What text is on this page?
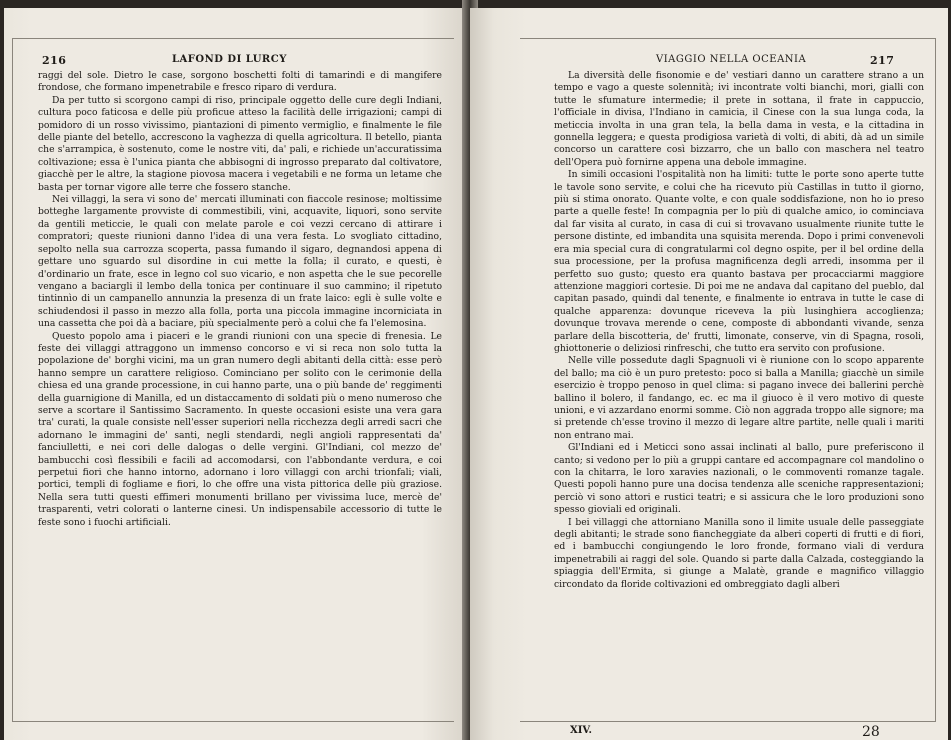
216	LAFOND DI LURCY

raggi del sole. Dietro le case, sorgono boschetti folti di tamarindi e di mangifere frondose, che formano impenetrabile e fresco riparo di verdura.

Da per tutto si scorgono campi di riso, principale oggetto delle cure degli Indiani, cultura poco faticosa e delle più proficue atteso la facilità delle irrigazioni; campi di pomidoro di un rosso vivissimo, piantazioni di pimento vermiglio, e finalmente le file delle piante del betello, accrescono la vaghezza di quella agricoltura. Il betello, pianta che s'arrampica, è sostenuto, come le nostre viti, da' pali, e richiede un'accuratissima coltivazione; essa è l'unica pianta che abbisogni di ingrosso preparato dal coltivatore, giacchè per le altre, la stagione piovosa macera i vegetabili e ne forma un letame che basta per tornar vigore alle terre che fossero stanche.

Nei villaggi, la sera vi sono de' mercati illuminati con fiaccole resinose; moltissime botteghe largamente provviste di commestibili, vini, acquavite, liquori, sono servite da gentili meticcie, le quali con melate parole e coi vezzi cercano di attirare i compratori; queste riunioni danno l'idea di una vera festa. Lo svogliato cittadino, sepolto nella sua carrozza scoperta, passa fumando il sigaro, degnandosi appena di gettare uno sguardo sul disordine in cui mette la folla; il curato, e questi, è d'ordinario un frate, esce in legno col suo vicario, e non aspetta che le sue pecorelle vengano a baciargli il lembo della tonica per continuare il suo cammino; il ripetuto tintinnìo di un campanello annunzia la presenza di un frate laico: egli è sulle volte e schiudendosi il passo in mezzo alla folla, porta una piccola immagine incorniciata in una cassetta che poi dà a baciare, più specialmente però a colui che fa l'elemosina.

Questo popolo ama i piaceri e le grandi riunioni con una specie di frenesia. Le feste dei villaggi attraggono un immenso concorso e vi si reca non solo tutta la popolazione de' borghi vicini, ma un gran numero degli abitanti della città: esse però hanno sempre un carattere religioso. Cominciano per solito con le cerimonie della chiesa ed una grande processione, in cui hanno parte, una o più bande de' reggimenti della guarnigione di Manilla, ed un distaccamento di soldati più o meno numeroso che serve a scortare il Santissimo Sacramento. In queste occasioni esiste una vera gara tra' curati, la quale consiste nell'esser superiori nella ricchezza degli arredi sacri che adornano le immagini de' santi, negli stendardi, negli angioli rappresentati da' fanciulletti, e nei cori delle dalogas o delle vergini. Gl'Indiani, col mezzo de' bambucchi così flessibili e facili ad accomodarsi, con l'abbondante verdura, e coi perpetui fiori che hanno intorno, adornano i loro villaggi con archi trionfali; viali, portici, templi di fogliame e fiori, lo che offre una vista pittorica delle più graziose. Nella sera tutti questi effimeri monumenti brillano per vivissima luce, mercè de' trasparenti, vetri colorati o lanterne cinesi. Un indispensabile accessorio di tutte le feste sono i fuochi artificiali.

VIAGGIO NELLA OCEANIA	217

La diversità delle fisonomie e de' vestiari danno un carattere strano a un tempo e vago a queste solennità; ivi incontrate volti bianchi, mori, gialli con tutte le sfumature intermedie; il prete in sottana, il frate in cappuccio, l'officiale in divisa, l'Indiano in camicia, il Cinese con la sua lunga coda, la meticcia involta in una gran tela, la bella dama in vesta, e la cittadina in gonnella leggera; e questa prodigiosa varietà di volti, di abiti, dà ad un simile concorso un carattere così bizzarro, che un ballo con maschera nel teatro dell'Opera può fornirne appena una debole immagine.

In simili occasioni l'ospitalità non ha limiti: tutte le porte sono aperte tutte le tavole sono servite, e colui che ha ricevuto più Castillas in tutto il giorno, più si stima onorato. Quante volte, e con quale soddisfazione, non ho io preso parte a quelle feste! In compagnia per lo più di qualche amico, io cominciava dal far visita al curato, in casa di cui si trovavano usualmente riunite tutte le persone distinte, ed imbandita una squisita merenda. Dopo i primi convenevoli era mia special cura di congratularmi col degno ospite, per il bel ordine della sua processione, per la profusa magnificenza degli arredi, insomma per il perfetto suo gusto; questo era quanto bastava per procacciarmi maggiore attenzione maggiori cortesie. Di poi me ne andava dal capitano del pueblo, dal capitan pasado, quindi dal tenente, e finalmente io entrava in tutte le case di qualche apparenza: dovunque riceveva la più lusinghiera accoglienza; dovunque trovava merende o cene, composte di abbondanti vivande, senza parlare della biscotteria, de' frutti, limonate, conserve, vin di Spagna, rosoli, ghiottonerie o deliziosi rinfreschi, che tutto era servito con profusione.

Nelle ville possedute dagli Spagnuoli vi è riunione con lo scopo apparente del ballo; ma ciò è un puro pretesto: poco si balla a Manilla; giacchè un simile esercizio è troppo penoso in quel clima: si pagano invece dei ballerini perchè ballino il bolero, il fandango, ec. ec ma il giuoco è il vero motivo di queste unioni, e vi azzardano enormi somme. Ciò non aggrada troppo alle signore; ma si pretende ch'esse trovino il mezzo di legare altre partite, nelle quali i mariti non entrano mai.

Gl'Indiani ed i Meticci sono assai inclinati al ballo, pure preferiscono il canto; si vedono per lo più a gruppi cantare ed accompagnare col mandolino o con la chitarra, le loro xaravies nazionali, o le commoventi romanze tagale. Questi popoli hanno pure una docisa tendenza alle sceniche rappresentazioni; perciò vi sono attori e rustici teatri; e si assicura che le loro produzioni sono spesso gioviali ed originali.

I bei villaggi che attorniano Manilla sono il limite usuale delle passeggiate degli abitanti; le strade sono fiancheggiate da alberi coperti di frutti e di fiori, ed i bambucchi congiungendo le loro fronde, formano viali di verdura impenetrabili ai raggi del sole. Quando si parte dalla Calzada, costeggiando la spiaggia dell'Ermita, si giunge a Malatè, grande e magnifico villaggio circondato da floride coltivazioni ed ombreggiato dagli alberi

XIV.	28
